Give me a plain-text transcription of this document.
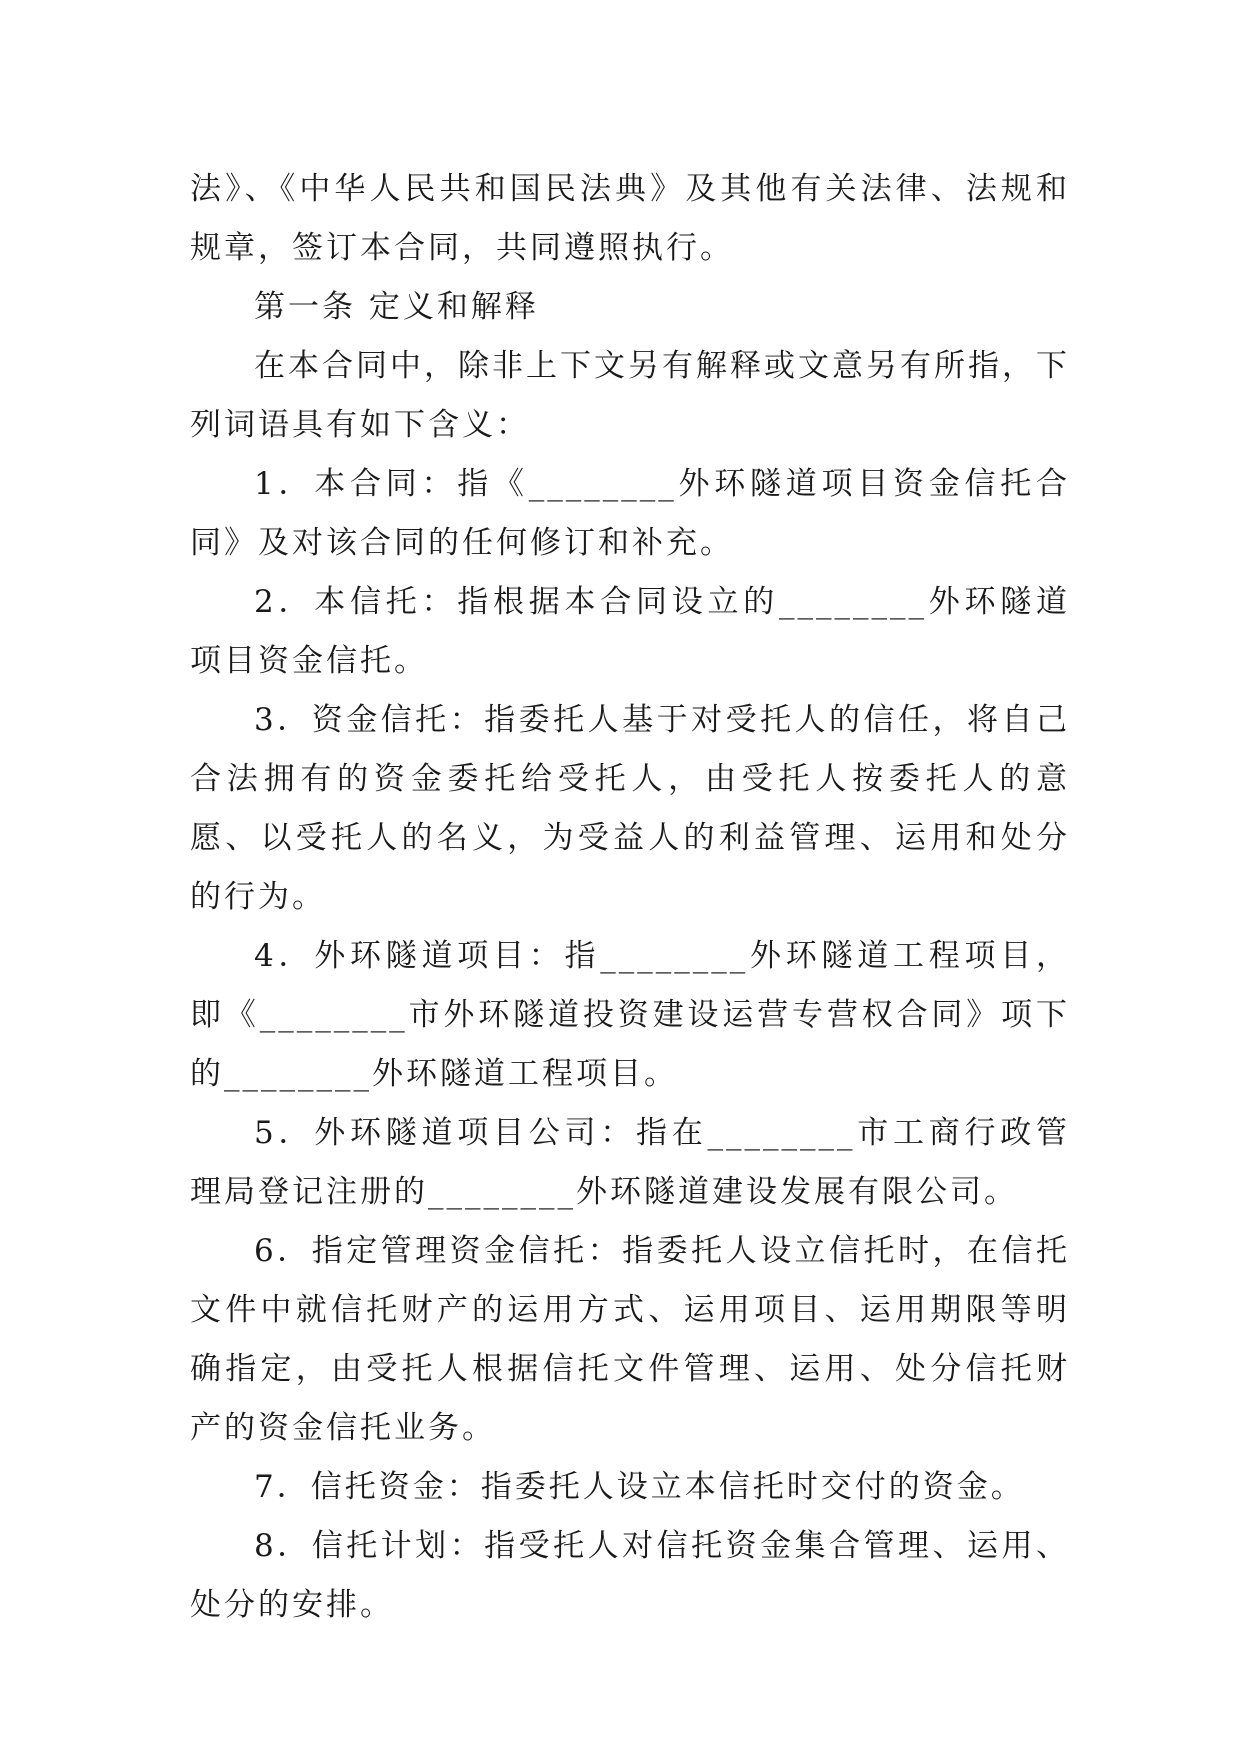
法》、《中华人民共和国民法典》及其他有关法律、法规和规章，签订本合同，共同遵照执行。

第一条 定义和解释

在本合同中，除非上下文另有解释或文意另有所指，下列词语具有如下含义：

1．本合同：指《________外环隧道项目资金信托合同》及对该合同的任何修订和补充。

2．本信托：指根据本合同设立的________外环隧道项目资金信托。

3．资金信托：指委托人基于对受托人的信任，将自己合法拥有的资金委托给受托人，由受托人按委托人的意愿、以受托人的名义，为受益人的利益管理、运用和处分的行为。

4．外环隧道项目：指________外环隧道工程项目，即《________市外环隧道投资建设运营专营权合同》项下的________外环隧道工程项目。

5．外环隧道项目公司：指在________市工商行政管理局登记注册的________外环隧道建设发展有限公司。

6．指定管理资金信托：指委托人设立信托时，在信托文件中就信托财产的运用方式、运用项目、运用期限等明确指定，由受托人根据信托文件管理、运用、处分信托财产的资金信托业务。

7．信托资金：指委托人设立本信托时交付的资金。

8．信托计划：指受托人对信托资金集合管理、运用、处分的安排。
